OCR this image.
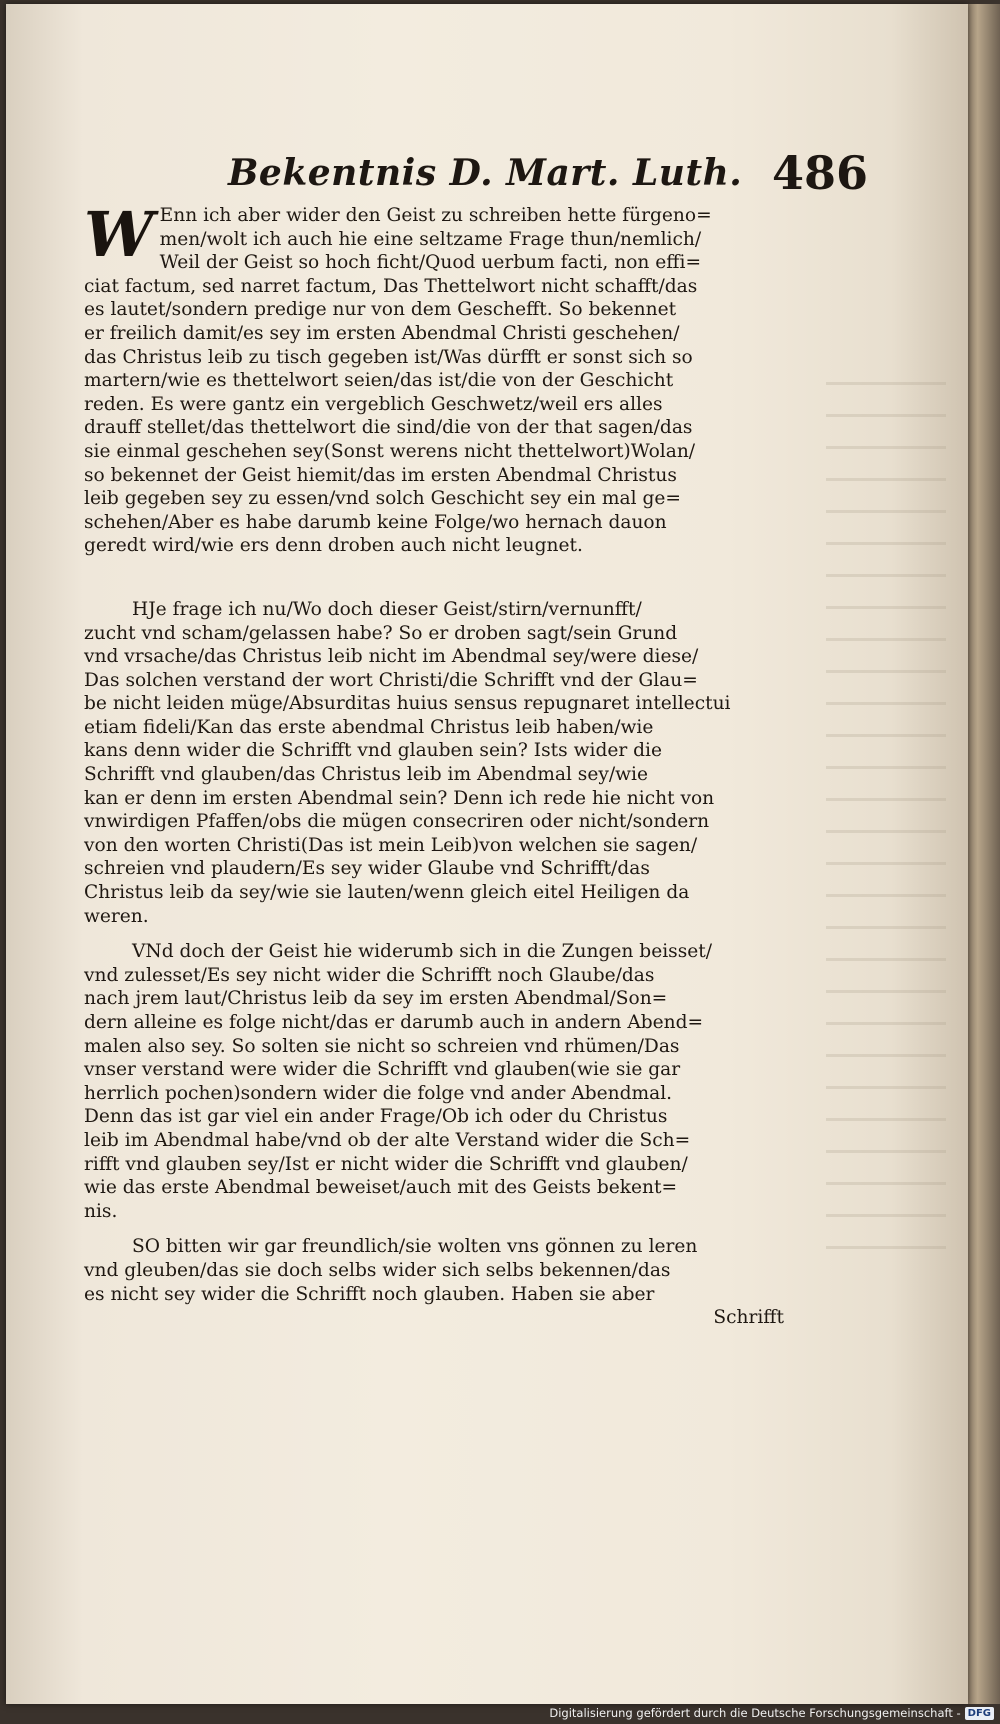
Bekentnis D. Mart. Luth. 486
W Enn ich aber wider den Geist zu schreiben hette fürgeno=
men/wolt ich auch hie eine seltzame Frage thun/nemlich/
Weil der Geist so hoch ficht/Quod uerbum facti, non effi=
ciat factum, sed narret factum, Das Thettelwort nicht schafft/das
es lautet/sondern predige nur von dem Geschefft. So bekennet
er freilich damit/es sey im ersten Abendmal Christi geschehen/
das Christus leib zu tisch gegeben ist/Was dürfft er sonst sich so
martern/wie es thettelwort seien/das ist/die von der Geschicht
reden. Es were gantz ein vergeblich Geschwetz/weil ers alles
drauff stellet/das thettelwort die sind/die von der that sagen/das
sie einmal geschehen sey(Sonst werens nicht thettelwort)Wolan/
so bekennet der Geist hiemit/das im ersten Abendmal Christus
leib gegeben sey zu essen/vnd solch Geschicht sey ein mal ge=
schehen/Aber es habe darumb keine Folge/wo hernach dauon
geredt wird/wie ers denn droben auch nicht leugnet.
HJe frage ich nu/Wo doch dieser Geist/stirn/vernunfft/
zucht vnd scham/gelassen habe? So er droben sagt/sein Grund
vnd vrsache/das Christus leib nicht im Abendmal sey/were diese/
Das solchen verstand der wort Christi/die Schrifft vnd der Glau=
be nicht leiden müge/Absurditas huius sensus repugnaret intellectui
etiam fideli/Kan das erste abendmal Christus leib haben/wie
kans denn wider die Schrifft vnd glauben sein? Ists wider die
Schrifft vnd glauben/das Christus leib im Abendmal sey/wie
kan er denn im ersten Abendmal sein? Denn ich rede hie nicht von
vnwirdigen Pfaffen/obs die mügen consecriren oder nicht/sondern
von den worten Christi(Das ist mein Leib)von welchen sie sagen/
schreien vnd plaudern/Es sey wider Glaube vnd Schrifft/das
Christus leib da sey/wie sie lauten/wenn gleich eitel Heiligen da
weren.
VNd doch der Geist hie widerumb sich in die Zungen beisset/
vnd zulesset/Es sey nicht wider die Schrifft noch Glaube/das
nach jrem laut/Christus leib da sey im ersten Abendmal/Son=
dern alleine es folge nicht/das er darumb auch in andern Abend=
malen also sey. So solten sie nicht so schreien vnd rhümen/Das
vnser verstand were wider die Schrifft vnd glauben(wie sie gar
herrlich pochen)sondern wider die folge vnd ander Abendmal.
Denn das ist gar viel ein ander Frage/Ob ich oder du Christus
leib im Abendmal habe/vnd ob der alte Verstand wider die Sch=
rifft vnd glauben sey/Ist er nicht wider die Schrifft vnd glauben/
wie das erste Abendmal beweiset/auch mit des Geists bekent=
nis.
SO bitten wir gar freundlich/sie wolten vns gönnen zu leren
vnd gleuben/das sie doch selbs wider sich selbs bekennen/das
es nicht sey wider die Schrifft noch glauben. Haben sie aber
Schrifft
Digitalisierung gefördert durch die Deutsche Forschungsgemeinschaft - DFG
